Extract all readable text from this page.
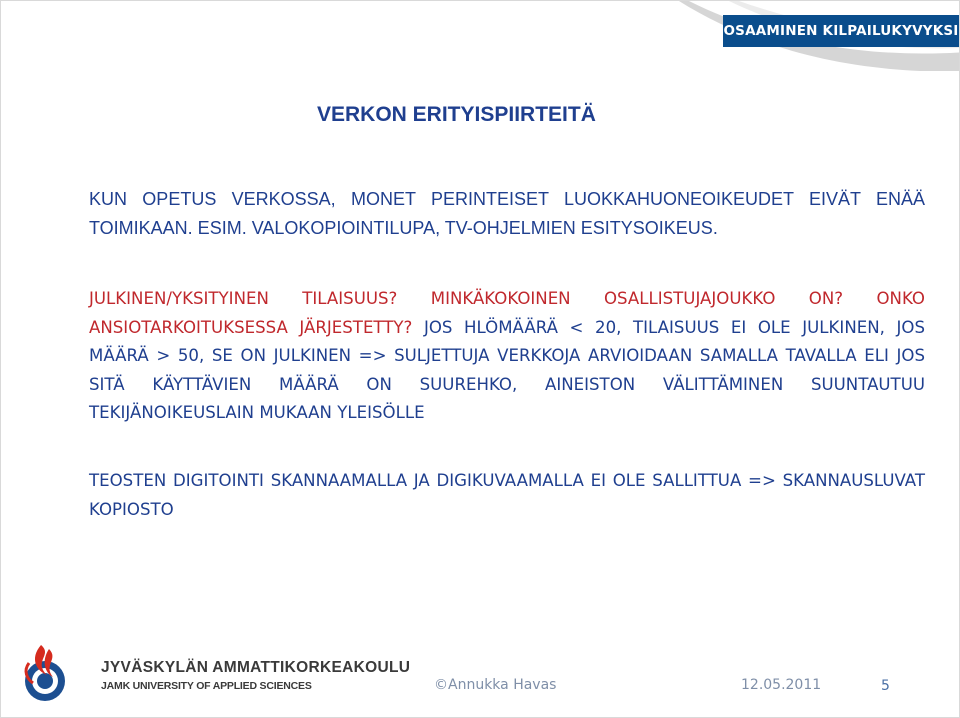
OSAAMINEN KILPAILUKYVYKSI
VERKON ERITYISPIIRTEITÄ

KUN OPETUS VERKOSSA, MONET PERINTEISET LUOKKAHUONEOIKEUDET EIVÄT ENÄÄ TOIMIKAAN. ESIM. VALOKOPIOINTILUPA, TV-OHJELMIEN ESITYSOIKEUS.

JULKINEN/YKSITYINEN TILAISUUS? MINKÄKOKOINEN OSALLISTUJAJOUKKO ON? ONKO ANSIOTARKOITUKSESSA JÄRJESTETTY? JOS HLÖMÄÄRÄ < 20, TILAISUUS EI OLE JULKINEN, JOS MÄÄRÄ > 50, SE ON JULKINEN => SULJETTUJA VERKKOJA ARVIOIDAAN SAMALLA TAVALLA ELI JOS SITÄ KÄYTTÄVIEN MÄÄRÄ ON SUUREHKO, AINEISTON VÄLITTÄMINEN SUUNTAUTUU TEKIJÄNOIKEUSLAIN MUKAAN YLEISÖLLE

TEOSTEN DIGITOINTI SKANNAAMALLA JA DIGIKUVAAMALLA EI OLE SALLITTUA => SKANNAUSLUVAT KOPIOSTO

JYVÄSKYLÄN AMMATTIKORKEAKOULU
JAMK UNIVERSITY OF APPLIED SCIENCES	©Annukka Havas	12.05.2011	5
